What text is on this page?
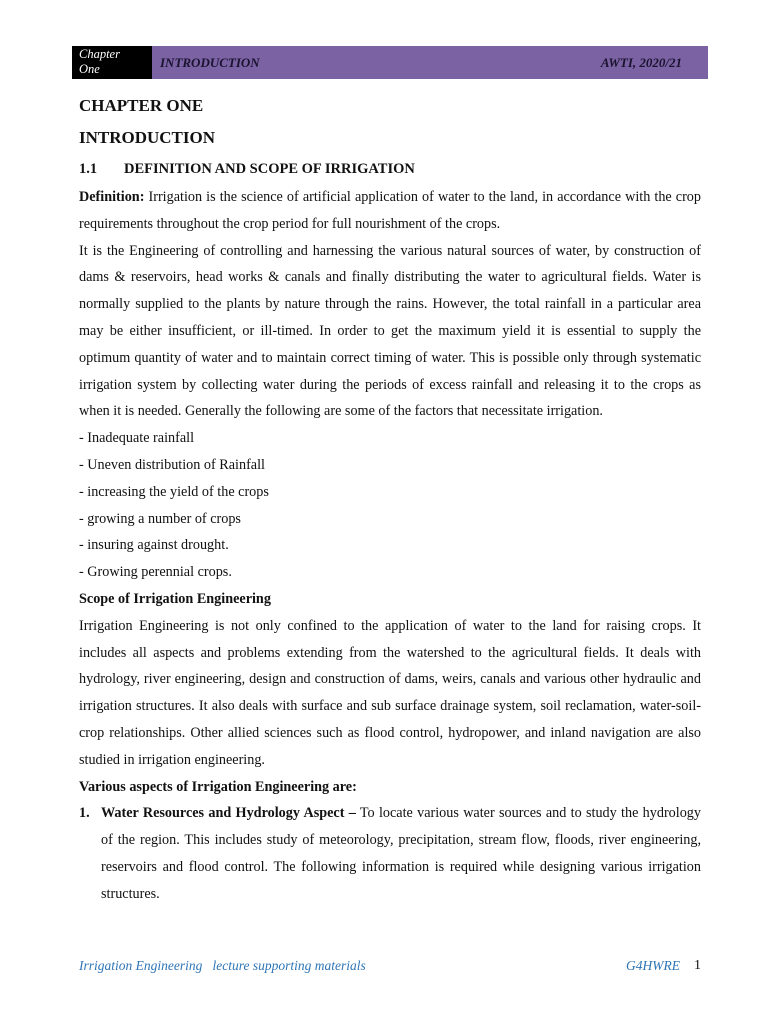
Chapter
One	INTRODUCTION	AWTI, 2020/21
CHAPTER ONE
INTRODUCTION
1.1	DEFINITION AND SCOPE OF IRRIGATION

Definition: Irrigation is the science of artificial application of water to the land, in accordance with the crop requirements throughout the crop period for full nourishment of the crops.

It is the Engineering of controlling and harnessing the various natural sources of water, by construction of dams & reservoirs, head works & canals and finally distributing the water to agricultural fields. Water is normally supplied to the plants by nature through the rains. However, the total rainfall in a particular area may be either insufficient, or ill-timed. In order to get the maximum yield it is essential to supply the optimum quantity of water and to maintain correct timing of water. This is possible only through systematic irrigation system by collecting water during the periods of excess rainfall and releasing it to the crops as when it is needed. Generally the following are some of the factors that necessitate irrigation.

- Inadequate rainfall
- Uneven distribution of Rainfall
- increasing the yield of the crops
- growing a number of crops
- insuring against drought.
- Growing perennial crops.
Scope of Irrigation Engineering

Irrigation Engineering is not only confined to the application of water to the land for raising crops. It includes all aspects and problems extending from the watershed to the agricultural fields. It deals with hydrology, river engineering, design and construction of dams, weirs, canals and various other hydraulic and irrigation structures. It also deals with surface and sub surface drainage system, soil reclamation, water-soil-crop relationships. Other allied sciences such as flood control, hydropower, and inland navigation are also studied in irrigation engineering.

Various aspects of Irrigation Engineering are:
1. Water Resources and Hydrology Aspect – To locate various water sources and to study the hydrology of the region. This includes study of meteorology, precipitation, stream flow, floods, river engineering, reservoirs and flood control. The following information is required while designing various irrigation structures.
Irrigation Engineering   lecture supporting materials	G4HWRE 1
